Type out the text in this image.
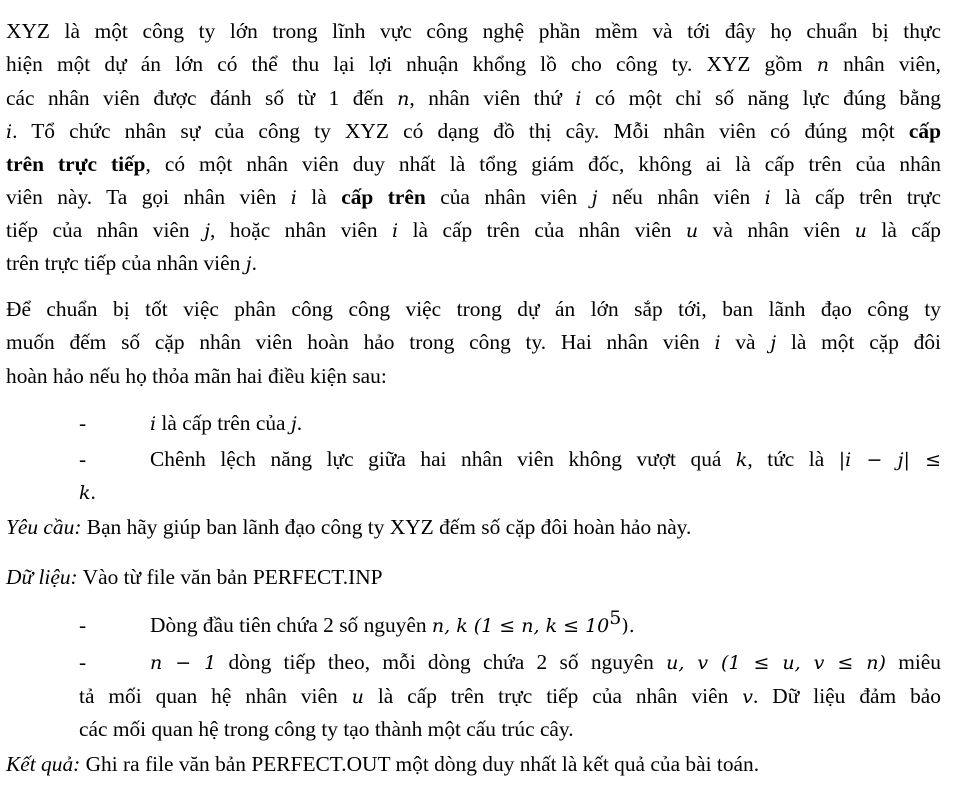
XYZ là một công ty lớn trong lĩnh vực công nghệ phần mềm và tới đây họ chuẩn bị thực
hiện một dự án lớn có thể thu lại lợi nhuận khổng lồ cho công ty. XYZ gồm n nhân viên,
các nhân viên được đánh số từ 1 đến n, nhân viên thứ i có một chỉ số năng lực đúng bằng
i. Tổ chức nhân sự của công ty XYZ có dạng đồ thị cây. Mỗi nhân viên có đúng một cấp
trên trực tiếp, có một nhân viên duy nhất là tổng giám đốc, không ai là cấp trên của nhân
viên này. Ta gọi nhân viên i là cấp trên của nhân viên j nếu nhân viên i là cấp trên trực
tiếp của nhân viên j, hoặc nhân viên i là cấp trên của nhân viên u và nhân viên u là cấp
trên trực tiếp của nhân viên j.
Để chuẩn bị tốt việc phân công công việc trong dự án lớn sắp tới, ban lãnh đạo công ty
muốn đếm số cặp nhân viên hoàn hảo trong công ty. Hai nhân viên i và j là một cặp đôi
hoàn hảo nếu họ thỏa mãn hai điều kiện sau:
-	i là cấp trên của j.
-	Chênh lệch năng lực giữa hai nhân viên không vượt quá k, tức là |i − j| ≤
k.
Yêu cầu: Bạn hãy giúp ban lãnh đạo công ty XYZ đếm số cặp đôi hoàn hảo này.
Dữ liệu: Vào từ file văn bản PERFECT.INP
-	Dòng đầu tiên chứa 2 số nguyên n, k (1 ≤ n, $k \le 10^5$).
-	n − 1 dòng tiếp theo, mỗi dòng chứa 2 số nguyên u, v (1 ≤ u, v ≤ n) miêu
tả mối quan hệ nhân viên u là cấp trên trực tiếp của nhân viên v. Dữ liệu đảm bảo
các mối quan hệ trong công ty tạo thành một cấu trúc cây.
Kết quả: Ghi ra file văn bản PERFECT.OUT một dòng duy nhất là kết quả của bài toán.
